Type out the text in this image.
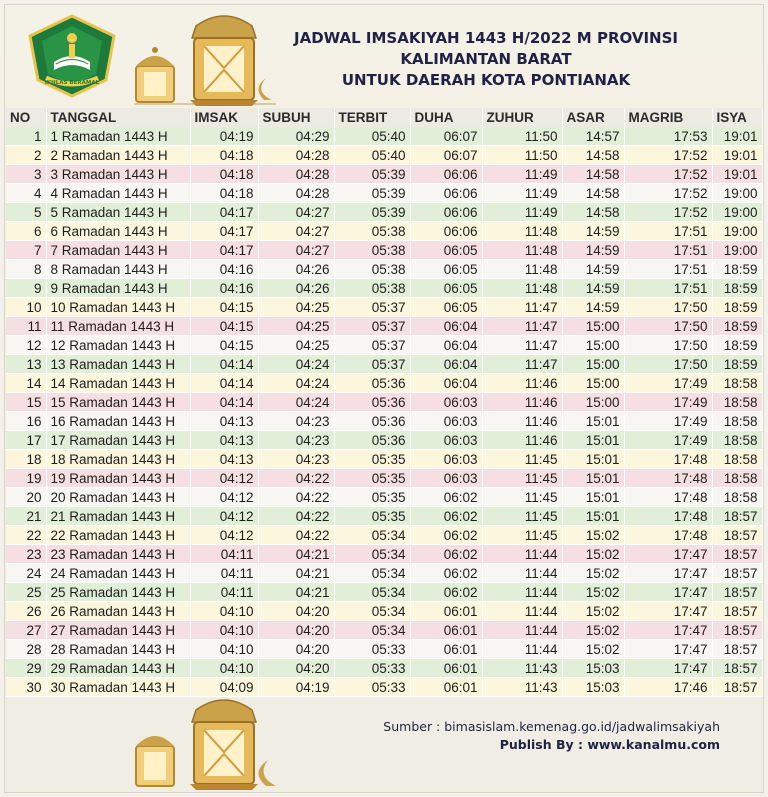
IKHLAS BERAMAL
JADWAL IMSAKIYAH 1443 H/2022 M PROVINSI
KALIMANTAN BARAT
UNTUK DAERAH KOTA PONTIANAK
NO	TANGGAL	IMSAK	SUBUH	TERBIT	DUHA	ZUHUR	ASAR	MAGRIB	ISYA
1	1 Ramadan 1443 H	04:19	04:29	05:40	06:07	11:50	14:57	17:53	19:01
2	2 Ramadan 1443 H	04:18	04:28	05:40	06:07	11:50	14:58	17:52	19:01
3	3 Ramadan 1443 H	04:18	04:28	05:39	06:06	11:49	14:58	17:52	19:01
4	4 Ramadan 1443 H	04:18	04:28	05:39	06:06	11:49	14:58	17:52	19:00
5	5 Ramadan 1443 H	04:17	04:27	05:39	06:06	11:49	14:58	17:52	19:00
6	6 Ramadan 1443 H	04:17	04:27	05:38	06:06	11:48	14:59	17:51	19:00
7	7 Ramadan 1443 H	04:17	04:27	05:38	06:05	11:48	14:59	17:51	19:00
8	8 Ramadan 1443 H	04:16	04:26	05:38	06:05	11:48	14:59	17:51	18:59
9	9 Ramadan 1443 H	04:16	04:26	05:38	06:05	11:48	14:59	17:51	18:59
10	10 Ramadan 1443 H	04:15	04:25	05:37	06:05	11:47	14:59	17:50	18:59
11	11 Ramadan 1443 H	04:15	04:25	05:37	06:04	11:47	15:00	17:50	18:59
12	12 Ramadan 1443 H	04:15	04:25	05:37	06:04	11:47	15:00	17:50	18:59
13	13 Ramadan 1443 H	04:14	04:24	05:37	06:04	11:47	15:00	17:50	18:59
14	14 Ramadan 1443 H	04:14	04:24	05:36	06:04	11:46	15:00	17:49	18:58
15	15 Ramadan 1443 H	04:14	04:24	05:36	06:03	11:46	15:00	17:49	18:58
16	16 Ramadan 1443 H	04:13	04:23	05:36	06:03	11:46	15:01	17:49	18:58
17	17 Ramadan 1443 H	04:13	04:23	05:36	06:03	11:46	15:01	17:49	18:58
18	18 Ramadan 1443 H	04:13	04:23	05:35	06:03	11:45	15:01	17:48	18:58
19	19 Ramadan 1443 H	04:12	04:22	05:35	06:03	11:45	15:01	17:48	18:58
20	20 Ramadan 1443 H	04:12	04:22	05:35	06:02	11:45	15:01	17:48	18:58
21	21 Ramadan 1443 H	04:12	04:22	05:35	06:02	11:45	15:01	17:48	18:57
22	22 Ramadan 1443 H	04:12	04:22	05:34	06:02	11:45	15:02	17:48	18:57
23	23 Ramadan 1443 H	04:11	04:21	05:34	06:02	11:44	15:02	17:47	18:57
24	24 Ramadan 1443 H	04:11	04:21	05:34	06:02	11:44	15:02	17:47	18:57
25	25 Ramadan 1443 H	04:11	04:21	05:34	06:02	11:44	15:02	17:47	18:57
26	26 Ramadan 1443 H	04:10	04:20	05:34	06:01	11:44	15:02	17:47	18:57
27	27 Ramadan 1443 H	04:10	04:20	05:34	06:01	11:44	15:02	17:47	18:57
28	28 Ramadan 1443 H	04:10	04:20	05:33	06:01	11:44	15:02	17:47	18:57
29	29 Ramadan 1443 H	04:10	04:20	05:33	06:01	11:43	15:03	17:47	18:57
30	30 Ramadan 1443 H	04:09	04:19	05:33	06:01	11:43	15:03	17:46	18:57
Sumber : bimasislam.kemenag.go.id/jadwalimsakiyah
Publish By : www.kanalmu.com
